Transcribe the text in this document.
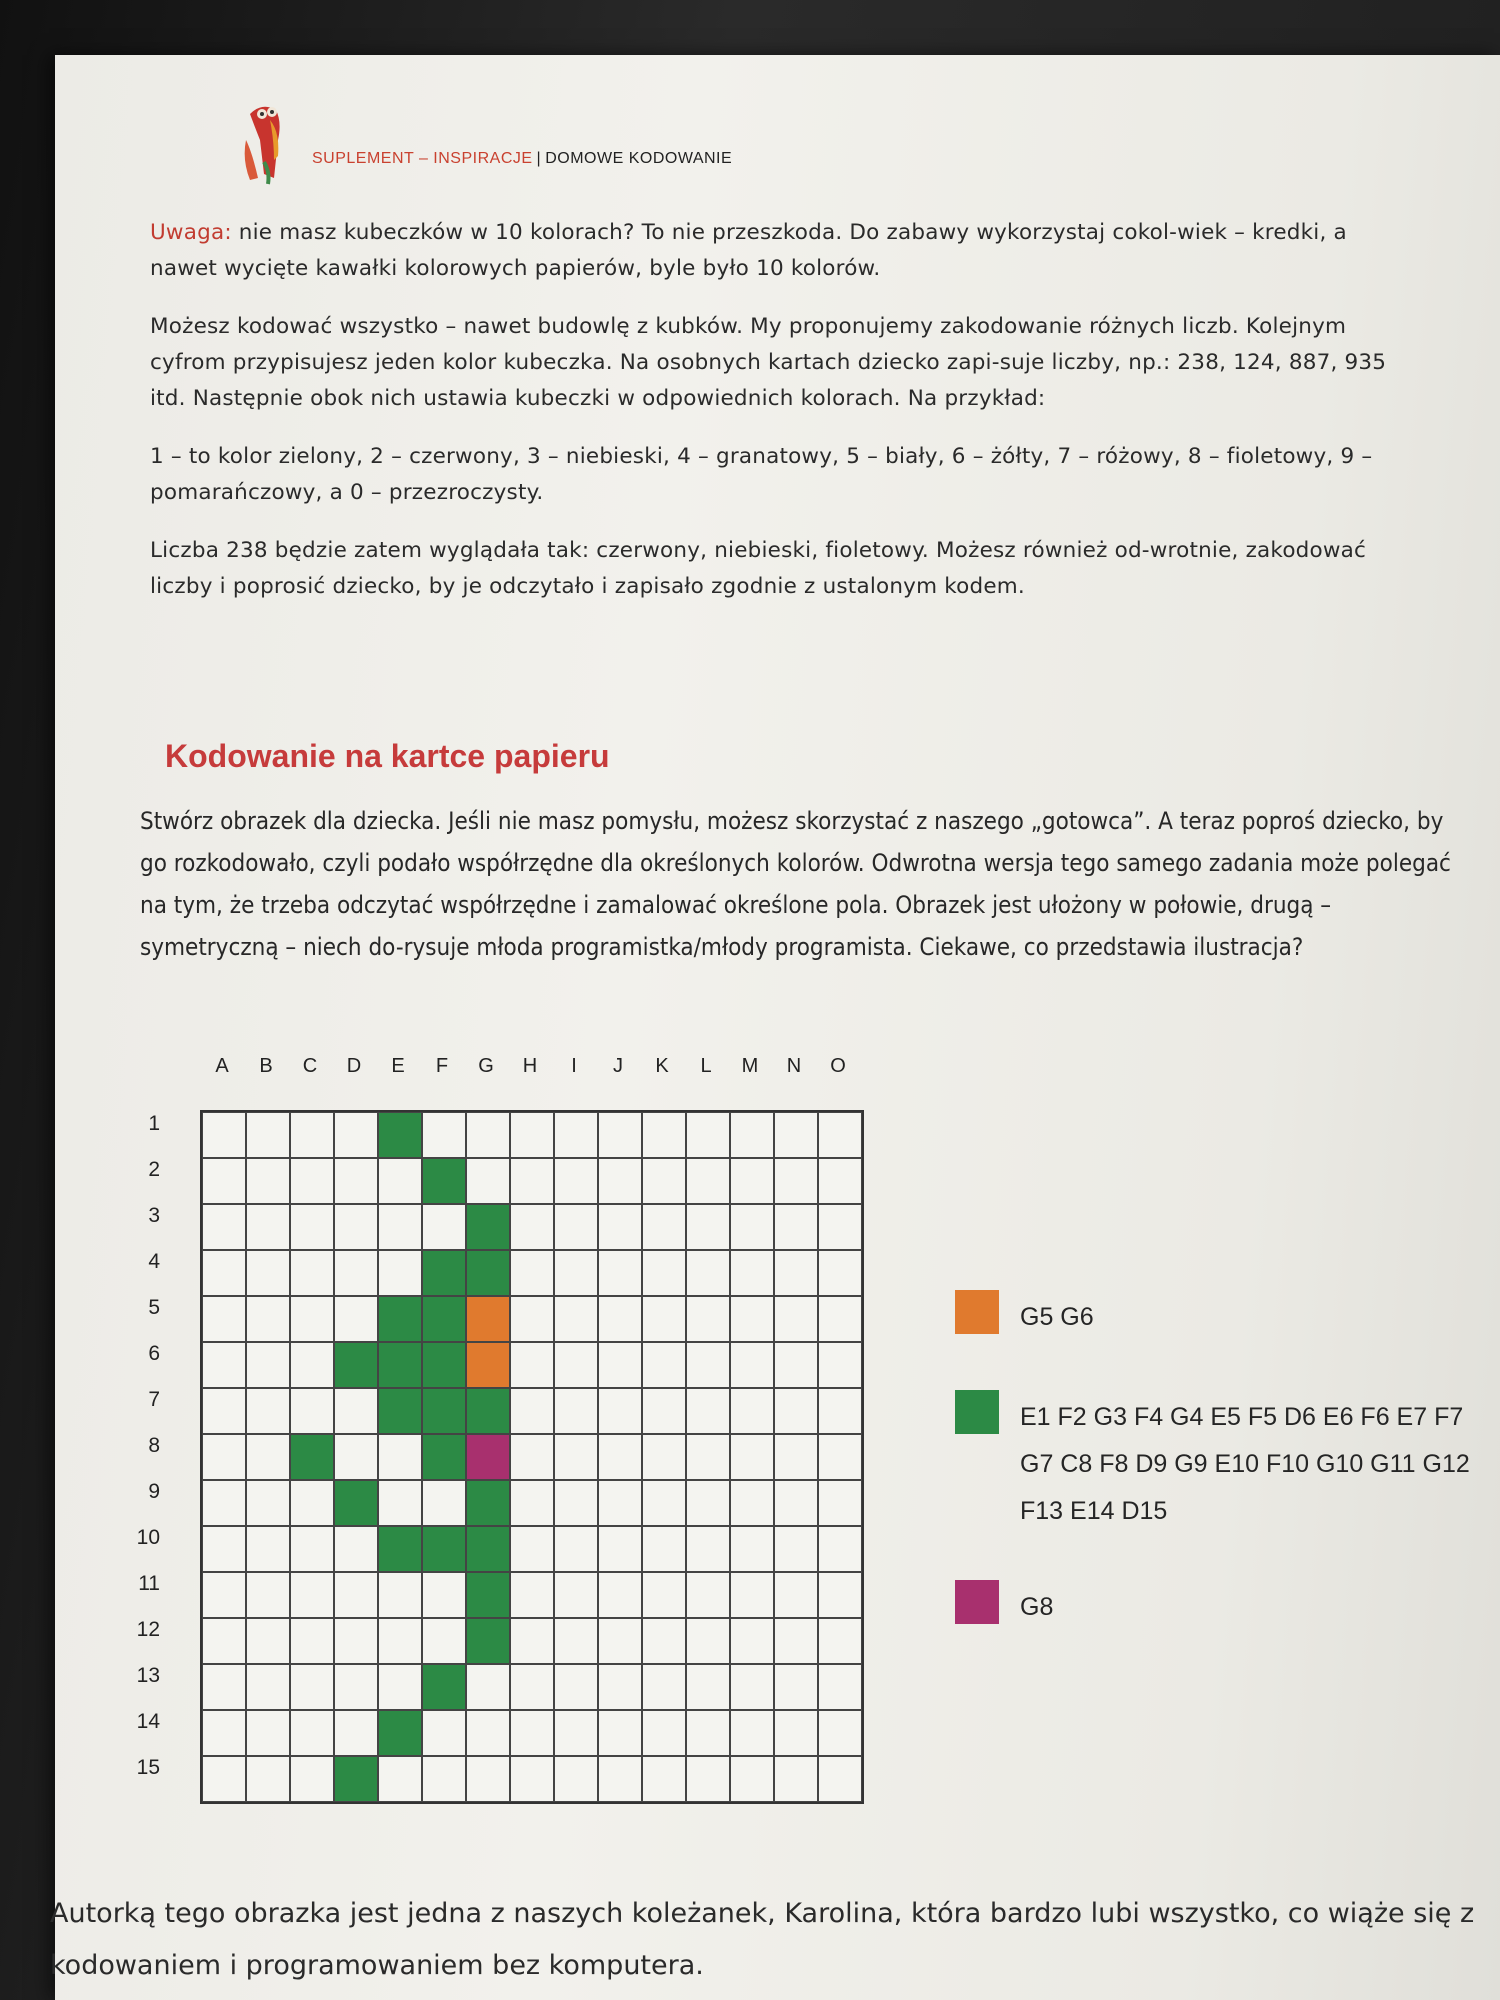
SUPLEMENT – INSPIRACJE | DOMOWE KODOWANIE

Uwaga: nie masz kubeczków w 10 kolorach? To nie przeszkoda. Do zabawy wykorzystaj cokol-wiek – kredki, a nawet wycięte kawałki kolorowych papierów, byle było 10 kolorów.

Możesz kodować wszystko – nawet budowlę z kubków. My proponujemy zakodowanie różnych liczb. Kolejnym cyfrom przypisujesz jeden kolor kubeczka. Na osobnych kartach dziecko zapi-suje liczby, np.: 238, 124, 887, 935 itd. Następnie obok nich ustawia kubeczki w odpowiednich kolorach. Na przykład:

1 – to kolor zielony, 2 – czerwony, 3 – niebieski, 4 – granatowy, 5 – biały, 6 – żółty, 7 – różowy, 8 – fioletowy, 9 – pomarańczowy, a 0 – przezroczysty.

Liczba 238 będzie zatem wyglądała tak: czerwony, niebieski, fioletowy. Możesz również od-wrotnie, zakodować liczby i poprosić dziecko, by je odczytało i zapisało zgodnie z ustalonym kodem.

Kodowanie na kartce papieru

Stwórz obrazek dla dziecka. Jeśli nie masz pomysłu, możesz skorzystać z naszego „gotowca”. A teraz poproś dziecko, by go rozkodowało, czyli podało współrzędne dla określonych kolorów. Odwrotna wersja tego samego zadania może polegać na tym, że trzeba odczytać współrzędne i zamalować określone pola. Obrazek jest ułożony w połowie, drugą – symetryczną – niech do-rysuje młoda programistka/młody programista. Ciekawe, co przedstawia ilustracja?

A	B	C	D	E	F	G	H	I	J	K	L	M	N	O
1
2
3
4
5
6
7
8
9
10
11
12
13
14
15
G5 G6
E1 F2 G3 F4 G4 E5 F5 D6 E6 F6 E7 F7 G7 C8 F8 D9 G9 E10 F10 G10 G11 G12 F13 E14 D15
G8

Autorką tego obrazka jest jedna z naszych koleżanek, Karolina, która bardzo lubi wszystko, co wiąże się z kodowaniem i programowaniem bez komputera.
